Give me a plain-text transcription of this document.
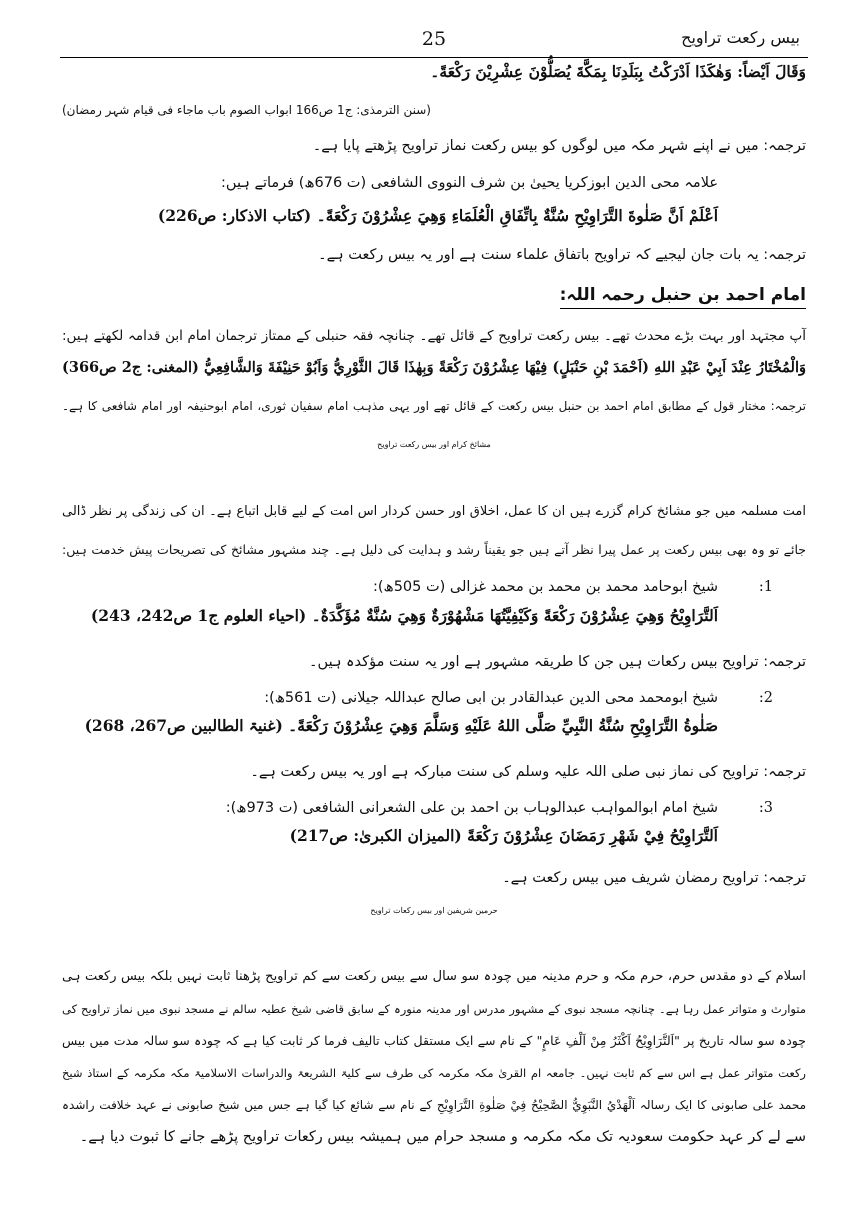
25	بیس رکعت تراویح
وَقَالَ اَيْضاً: وَهٰكَذَا اَدْرَكْتُ بِبَلَدِنَا بِمَكَّةَ يُصَلُّوْنَ عِشْرِيْنَ رَكْعَةً۔
(سنن الترمذی: ج1 ص166 ابواب الصوم باب ماجاء فی قیام شہر رمضان)
ترجمہ: میں نے اپنے شہر مکہ میں لوگوں کو بیس رکعت نماز تراویح پڑھتے پایا ہے۔
علامہ محی الدین ابوزکریا یحییٰ بن شرف النووی الشافعی (ت 676ھ) فرماتے ہیں:
اَعْلَمْ اَنَّ صَلٰوةَ التَّرَاوِيْحِ سُنَّةٌ بِاتِّفَاقِ الْعُلَمَاءِ وَهِيَ عِشْرُوْنَ رَكْعَةً۔ (کتاب الاذکار: ص226)
ترجمہ: یہ بات جان لیجیے کہ تراویح باتفاق علماء سنت ہے اور یہ بیس رکعت ہے۔
امام احمد بن حنبل رحمہ اللہ:
آپ مجتہد اور بہت بڑے محدث تھے۔ بیس رکعت تراویح کے قائل تھے۔ چنانچہ فقہ حنبلی کے ممتاز ترجمان امام ابن قدامہ لکھتے ہیں:
وَالْمُخْتَارُ عِنْدَ اَبِيْ عَبْدِ اللهِ (اَحْمَدَ بْنِ حَنْبَلٍ) فِيْهَا عِشْرُوْنَ رَكْعَةً وَبِهٰذَا قَالَ الثَّوْرِيُّ وَاَبُوْ حَنِيْفَةَ وَالشَّافِعِيُّ (المغنی: ج2 ص366)
ترجمہ: مختار قول کے مطابق امام احمد بن حنبل بیس رکعت کے قائل تھے اور یہی مذہب امام سفیان ثوری، امام ابوحنیفہ اور امام شافعی کا ہے۔
مشائخ کرام اور بیس رکعت تراویح
امت مسلمہ میں جو مشائخ کرام گزرے ہیں ان کا عمل، اخلاق اور حسن کردار اس امت کے لیے قابل اتباع ہے۔ ان کی زندگی پر نظر ڈالی
جائے تو وہ بھی بیس رکعت پر عمل پیرا نظر آتے ہیں جو یقیناً رشد و ہدایت کی دلیل ہے۔ چند مشہور مشائخ کی تصریحات پیش خدمت ہیں:
1:
شیخ ابوحامد محمد بن محمد بن محمد غزالی (ت 505ھ):
اَلتَّرَاوِيْحُ وَهِيَ عِشْرُوْنَ رَكْعَةً وَكَيْفِيَّتُهَا مَشْهُوْرَةٌ وَهِيَ سُنَّةٌ مُؤَكَّدَةٌ۔ (احیاء العلوم ج1 ص242، 243)
ترجمہ: تراویح بیس رکعات ہیں جن کا طریقہ مشہور ہے اور یہ سنت مؤکدہ ہیں۔
2:
شیخ ابومحمد محی الدین عبدالقادر بن ابی صالح عبداللہ جیلانی (ت 561ھ):
صَلٰوةُ التَّرَاوِيْحِ سُنَّةُ النَّبِيِّ صَلَّى اللهُ عَلَيْهِ وَسَلَّمَ وَهِيَ عِشْرُوْنَ رَكْعَةً۔ (غنیۃ الطالبین ص267، 268)
ترجمہ: تراویح کی نماز نبی صلی اللہ علیہ وسلم کی سنت مبارکہ ہے اور یہ بیس رکعت ہے۔
3:
شیخ امام ابوالمواہب عبدالوہاب بن احمد بن علی الشعرانی الشافعی (ت 973ھ):
اَلتَّرَاوِيْحُ فِيْ شَهْرِ رَمَضَانَ عِشْرُوْنَ رَكْعَةً (المیزان الکبریٰ: ص217)
ترجمہ: تراویح رمضان شریف میں بیس رکعت ہے۔
حرمین شریفین اور بیس رکعات تراویح
اسلام کے دو مقدس حرم، حرم مکہ و حرم مدینہ میں چودہ سو سال سے بیس رکعت سے کم تراویح پڑھنا ثابت نہیں بلکہ بیس رکعت ہی
متوارث و متواتر عمل رہا ہے۔ چنانچہ مسجد نبوی کے مشہور مدرس اور مدینہ منورہ کے سابق قاضی شیخ عطیہ سالم نے مسجد نبوی میں نماز تراویح کی
چودہ سو سالہ تاریخ پر "اَلتَّرَاوِيْحُ اَكْثَرُ مِنْ اَلْفِ عَامٍ" کے نام سے ایک مستقل کتاب تالیف فرما کر ثابت کیا ہے کہ چودہ سو سالہ مدت میں بیس
رکعت متواتر عمل ہے اس سے کم ثابت نہیں۔ جامعہ ام القریٰ مکہ مکرمہ کی طرف سے کلیۃ الشریعۃ والدراسات الاسلامیۃ مکہ مکرمہ کے استاذ شیخ
محمد علی صابونی کا ایک رسالہ اَلْهَدْيُ النَّبَوِيُّ الصَّحِيْحُ فِيْ صَلٰوةِ التَّرَاوِيْحِ کے نام سے شائع کیا گیا ہے جس میں شیخ صابونی نے عہد خلافت راشدہ
سے لے کر عہد حکومت سعودیہ تک مکہ مکرمہ و مسجد حرام میں ہمیشہ بیس رکعات تراویح پڑھے جانے کا ثبوت دیا ہے۔
